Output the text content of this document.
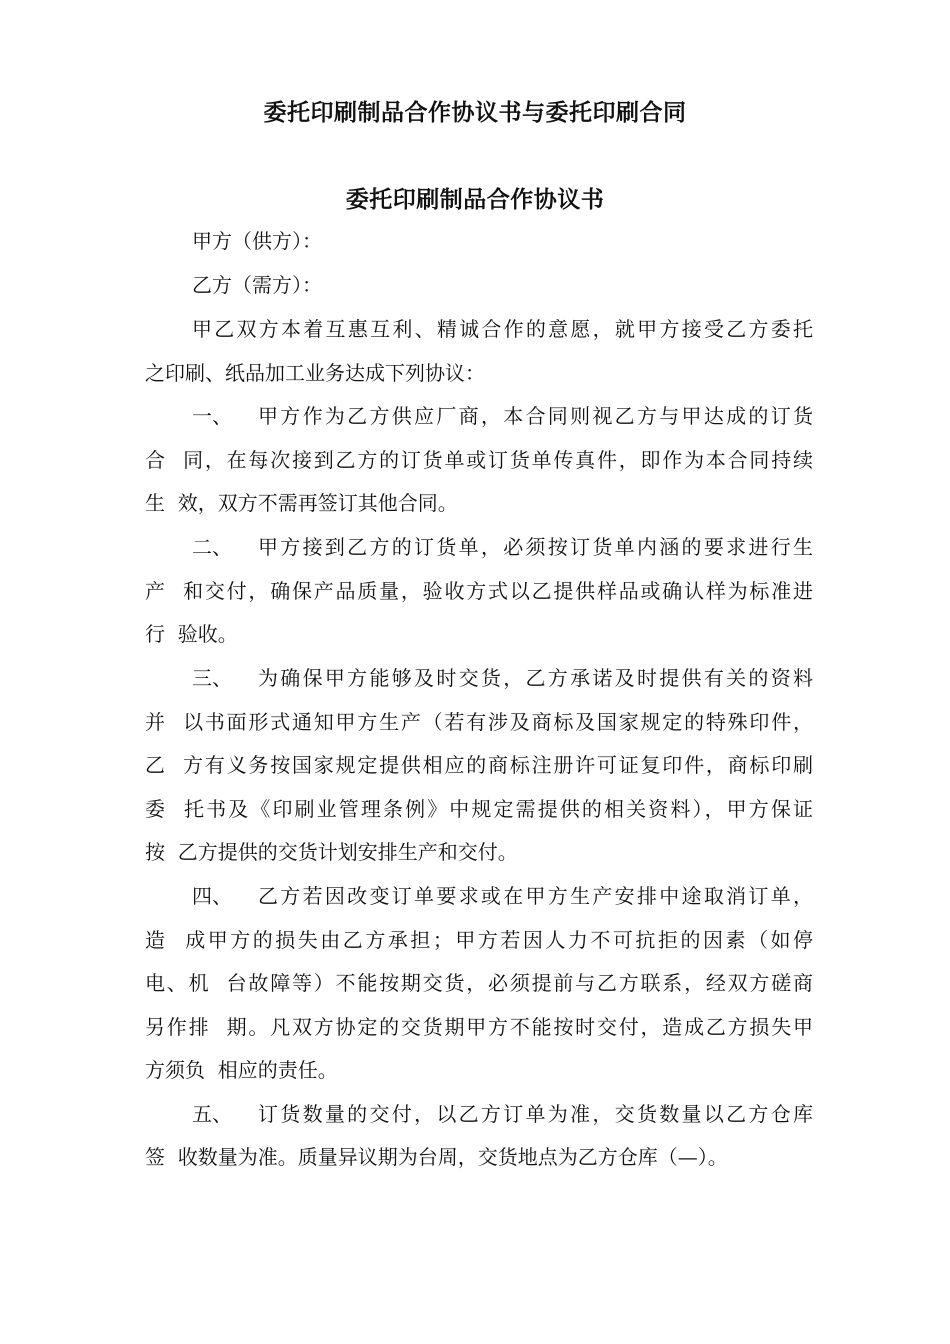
委托印刷制品合作协议书与委托印刷合同
委托印刷制品合作协议书
甲方（供方）：
乙方（需方）：
甲乙双方本着互惠互利、精诚合作的意愿，就甲方接受乙方委托
之印刷、纸品加工业务达成下列协议：
一、	甲方作为乙方供应厂商，本合同则视乙方与甲达成的订货
合  同，在每次接到乙方的订货单或订货单传真件，即作为本合同持续
生  效，双方不需再签订其他合同。
二、	甲方接到乙方的订货单，必须按订货单内涵的要求进行生
产  和交付，确保产品质量，验收方式以乙提供样品或确认样为标准进
行  验收。
三、	为确保甲方能够及时交货，乙方承诺及时提供有关的资料
并  以书面形式通知甲方生产（若有涉及商标及国家规定的特殊印件，
乙  方有义务按国家规定提供相应的商标注册许可证复印件，商标印刷
委  托书及《印刷业管理条例》中规定需提供的相关资料），甲方保证
按  乙方提供的交货计划安排生产和交付。
四、	乙方若因改变订单要求或在甲方生产安排中途取消订单，
造  成甲方的损失由乙方承担；甲方若因人力不可抗拒的因素（如停
电、机  台故障等）不能按期交货，必须提前与乙方联系，经双方磋商
另作排  期。凡双方协定的交货期甲方不能按时交付，造成乙方损失甲
方须负  相应的责任。
五、	订货数量的交付，以乙方订单为准，交货数量以乙方仓库
签  收数量为准。质量异议期为台周，交货地点为乙方仓库（—）。
